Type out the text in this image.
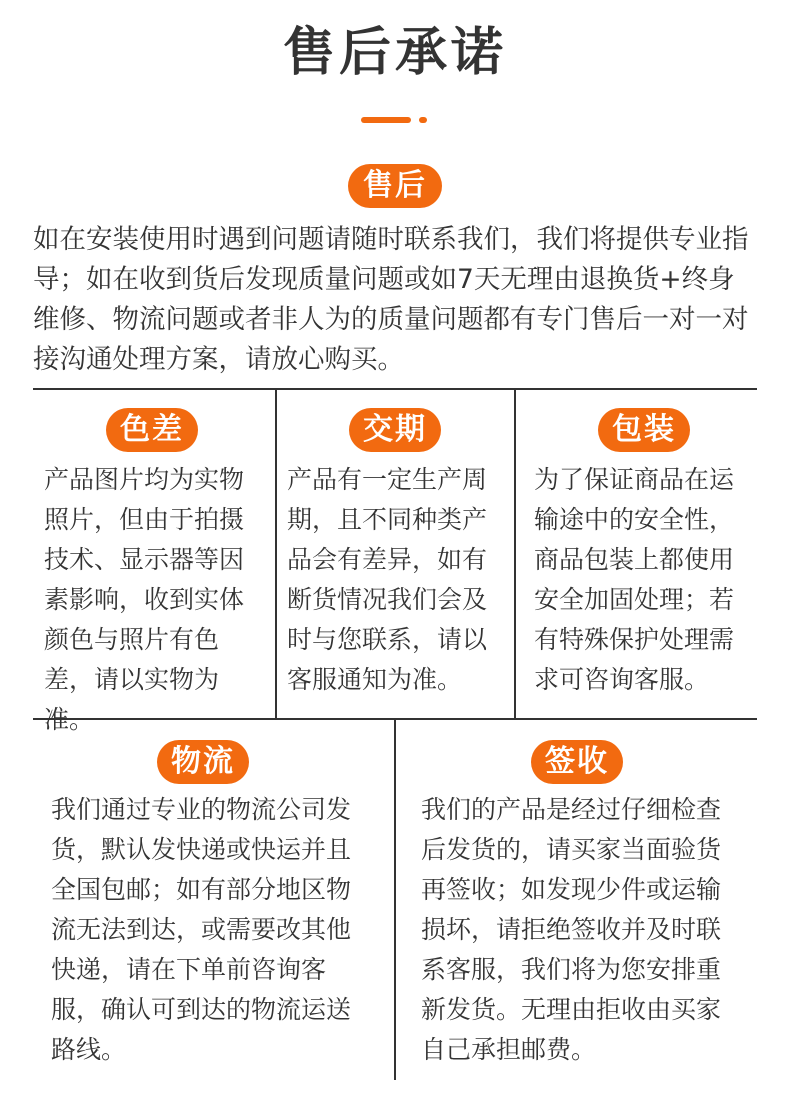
售后承诺
售后

如在安装使用时遇到问题请随时联系我们，我们将提供专业指导；如在收到货后发现质量问题或如7天无理由退换货+终身维修、物流问题或者非人为的质量问题都有专门售后一对一对接沟通处理方案，请放心购买。

色差

产品图片均为实物照片，但由于拍摄技术、显示器等因素影响，收到实体颜色与照片有色差，请以实物为准。

交期

产品有一定生产周期，且不同种类产品会有差异，如有断货情况我们会及时与您联系，请以客服通知为准。

包装

为了保证商品在运输途中的安全性，商品包装上都使用安全加固处理；若有特殊保护处理需求可咨询客服。

物流

我们通过专业的物流公司发货，默认发快递或快运并且全国包邮；如有部分地区物流无法到达，或需要改其他快递，请在下单前咨询客服，确认可到达的物流运送路线。

签收

我们的产品是经过仔细检查后发货的，请买家当面验货再签收；如发现少件或运输损坏，请拒绝签收并及时联系客服，我们将为您安排重新发货。无理由拒收由买家自己承担邮费。
